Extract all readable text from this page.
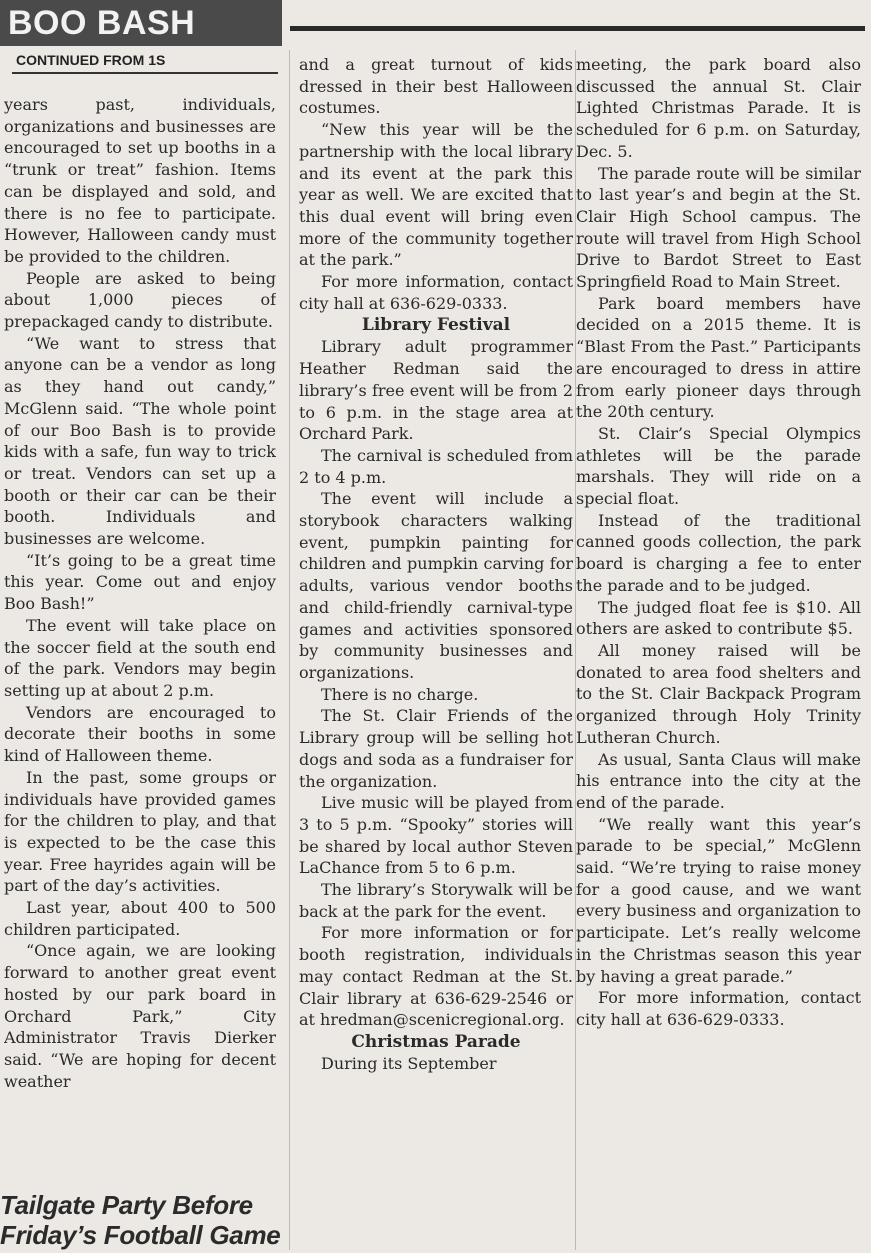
BOO BASH
CONTINUED FROM 1S

years past, individuals, organizations and businesses are encouraged to set up booths in a “trunk or treat” fashion. Items can be displayed and sold, and there is no fee to participate. However, Halloween candy must be provided to the children.

People are asked to being about 1,000 pieces of prepackaged candy to distribute.

“We want to stress that anyone can be a vendor as long as they hand out candy,” McGlenn said. “The whole point of our Boo Bash is to provide kids with a safe, fun way to trick or treat. Vendors can set up a booth or their car can be their booth. Individuals and businesses are welcome.

“It’s going to be a great time this year. Come out and enjoy Boo Bash!”

The event will take place on the soccer field at the south end of the park. Vendors may begin setting up at about 2 p.m.

Vendors are encouraged to decorate their booths in some kind of Halloween theme.

In the past, some groups or individuals have provided games for the children to play, and that is expected to be the case this year. Free hayrides again will be part of the day’s activities.

Last year, about 400 to 500 children participated.

“Once again, we are looking forward to another great event hosted by our park board in Orchard Park,” City Administrator Travis Dierker said. “We are hoping for decent weather

and a great turnout of kids dressed in their best Halloween costumes.

“New this year will be the partnership with the local library and its event at the park this year as well. We are excited that this dual event will bring even more of the community together at the park.”

For more information, contact city hall at 636-629-0333.

Library Festival

Library adult programmer Heather Redman said the library’s free event will be from 2 to 6 p.m. in the stage area at Orchard Park.

The carnival is scheduled from 2 to 4 p.m.

The event will include a storybook characters walking event, pumpkin painting for children and pumpkin carving for adults, various vendor booths and child-friendly carnival-type games and activities sponsored by community businesses and organizations.

There is no charge.

The St. Clair Friends of the Library group will be selling hot dogs and soda as a fundraiser for the organization.

Live music will be played from 3 to 5 p.m. “Spooky” stories will be shared by local author Steven LaChance from 5 to 6 p.m.

The library’s Storywalk will be back at the park for the event.

For more information or for booth registration, individuals may contact Redman at the St. Clair library at 636-629-2546 or at hredman@scenicregional.org.

Christmas Parade

During its September

meeting, the park board also discussed the annual St. Clair Lighted Christmas Parade. It is scheduled for 6 p.m. on Saturday, Dec. 5.

The parade route will be similar to last year’s and begin at the St. Clair High School campus. The route will travel from High School Drive to Bardot Street to East Springfield Road to Main Street.

Park board members have decided on a 2015 theme. It is “Blast From the Past.” Participants are encouraged to dress in attire from early pioneer days through the 20th century.

St. Clair’s Special Olympics athletes will be the parade marshals. They will ride on a special float.

Instead of the traditional canned goods collection, the park board is charging a fee to enter the parade and to be judged.

The judged float fee is $10. All others are asked to contribute $5.

All money raised will be donated to area food shelters and to the St. Clair Backpack Program organized through Holy Trinity Lutheran Church.

As usual, Santa Claus will make his entrance into the city at the end of the parade.

“We really want this year’s parade to be special,” McGlenn said. “We’re trying to raise money for a good cause, and we want every business and organization to participate. Let’s really welcome in the Christmas season this year by having a great parade.”

For more information, contact city hall at 636-629-0333.

Tailgate Party Before
Friday’s Football Game
